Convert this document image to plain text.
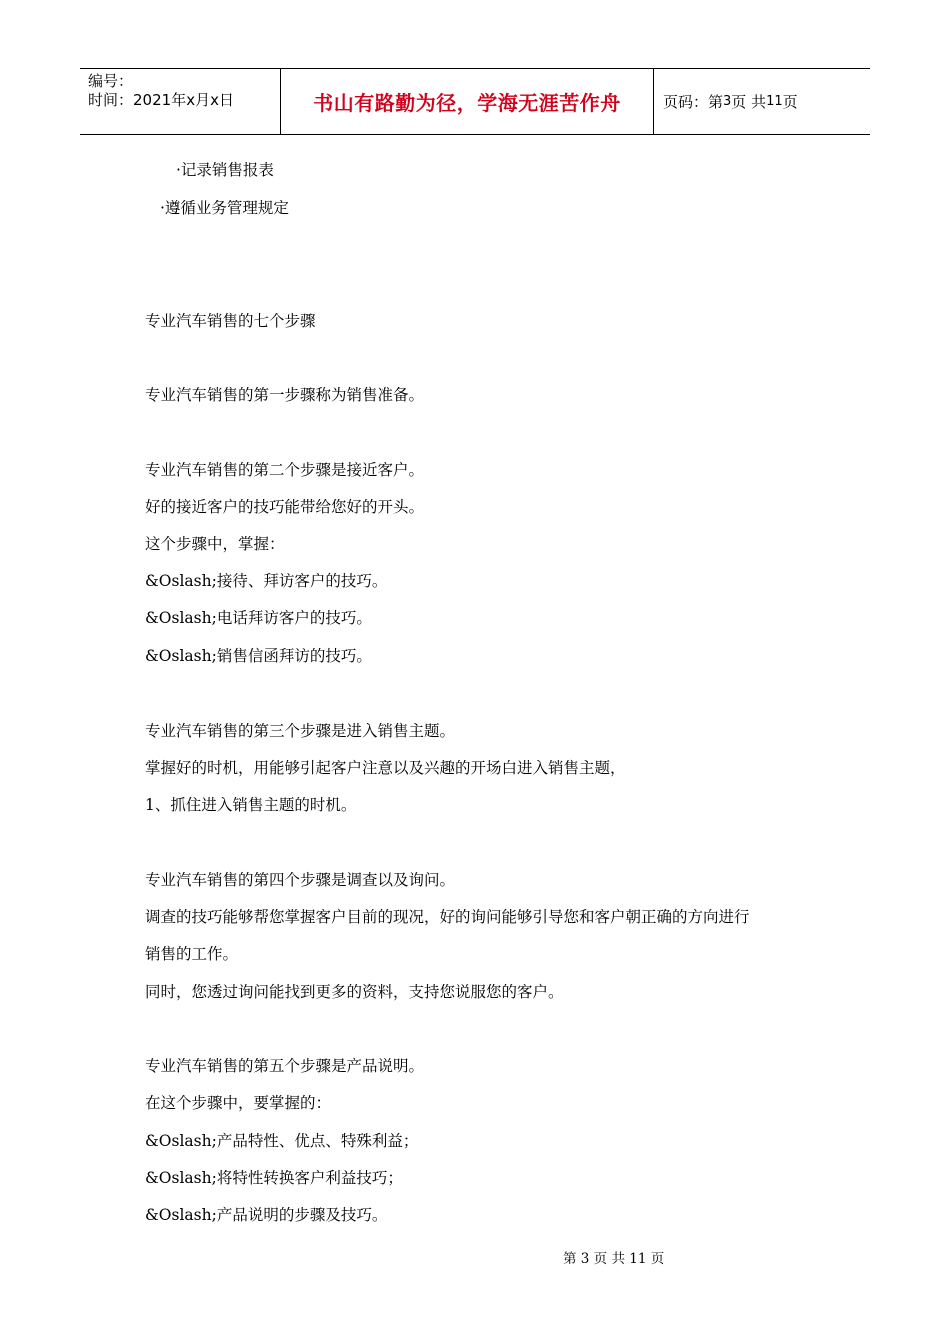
编号：
时间：2021年x月x日	书山有路勤为径，学海无涯苦作舟	页码：第 3 页 共 11 页
·记录销售报表
·遵循业务管理规定
专业汽车销售的七个步骤
专业汽车销售的第一步骤称为销售准备。
专业汽车销售的第二个步骤是接近客户。
好的接近客户的技巧能带给您好的开头。
这个步骤中，掌握：
&Oslash;接待、拜访客户的技巧。
&Oslash;电话拜访客户的技巧。
&Oslash;销售信函拜访的技巧。
专业汽车销售的第三个步骤是进入销售主题。
掌握好的时机，用能够引起客户注意以及兴趣的开场白进入销售主题，
1、抓住进入销售主题的时机。
专业汽车销售的第四个步骤是调查以及询问。
调查的技巧能够帮您掌握客户目前的现况，好的询问能够引导您和客户朝正确的方向进行
销售的工作。
同时，您透过询问能找到更多的资料，支持您说服您的客户。
专业汽车销售的第五个步骤是产品说明。
在这个步骤中，要掌握的：
&Oslash;产品特性、优点、特殊利益；
&Oslash;将特性转换客户利益技巧；
&Oslash;产品说明的步骤及技巧。
第 3 页 共 11 页
